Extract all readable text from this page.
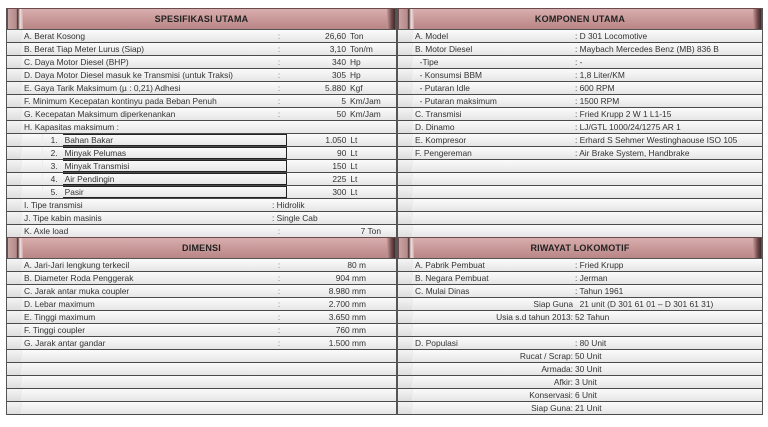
SPESIFIKASI UTAMA
A. Berat Kosong	:	26,60 Ton
B. Berat Tiap Meter Lurus (Siap)	:	3,10 Ton/m
C. Daya Motor Diesel (BHP)	:	340 Hp
D. Daya Motor Diesel masuk ke Transmisi (untuk Traksi)	:	305 Hp
E. Gaya Tarik Maksimum (µ : 0,21) Adhesi	:	5.880 Kgf
F. Minimum Kecepatan kontinyu pada Beban Penuh	:	5 Km/Jam
G. Kecepatan Maksimum diperkenankan	:	50 Km/Jam
H. Kapasitas maksimum :
1. Bahan Bakar	1.050 Lt
2. Minyak Pelumas	90 Lt
3. Minyak Transmisi	150 Lt
4. Air Pendingin	225 Lt
5. Pasir	300 Lt
I. Tipe transmisi	: Hidrolik
J. Tipe kabin masinis	: Single Cab
K. Axle load	:	7 Ton
KOMPONEN UTAMA
A. Model	: D 301 Locomotive
B. Motor Diesel	: Maybach Mercedes Benz (MB) 836 B
-Tipe	: -
- Konsumsi BBM	: 1,8 Liter/KM
- Putaran Idle	: 600 RPM
- Putaran maksimum	: 1500 RPM
C. Transmisi	: Fried Krupp 2 W 1 L1-15
D. Dinamo	: LJ/GTL 1000/24/1275 AR 1
E. Kompresor	: Erhard S Sehmer Westinghaouse ISO 105
F. Pengereman	: Air Brake System, Handbrake
DIMENSI
A. Jari-Jari lengkung terkecil	:	80 m
B. Diameter Roda Penggerak	:	904 mm
C. Jarak antar muka coupler	:	8.980 mm
D. Lebar maximum	:	2.700 mm
E. Tinggi maximum	:	3.650 mm
F. Tinggi coupler	:	760 mm
G. Jarak antar gandar	:	1.500 mm
RIWAYAT LOKOMOTIF
A. Pabrik Pembuat	: Fried Krupp
B. Negara Pembuat	: Jerman
C. Mulai Dinas	: Tahun 1961
Siap Guna 21 unit (D 301 61 01 – D 301 61 31)
Usia s.d tahun 2013: 52 Tahun
D. Populasi	: 80 Unit
Rucat / Scrap: 50 Unit
Armada: 30 Unit
Afkir: 3 Unit
Konservasi: 6 Unit
Siap Guna: 21 Unit
